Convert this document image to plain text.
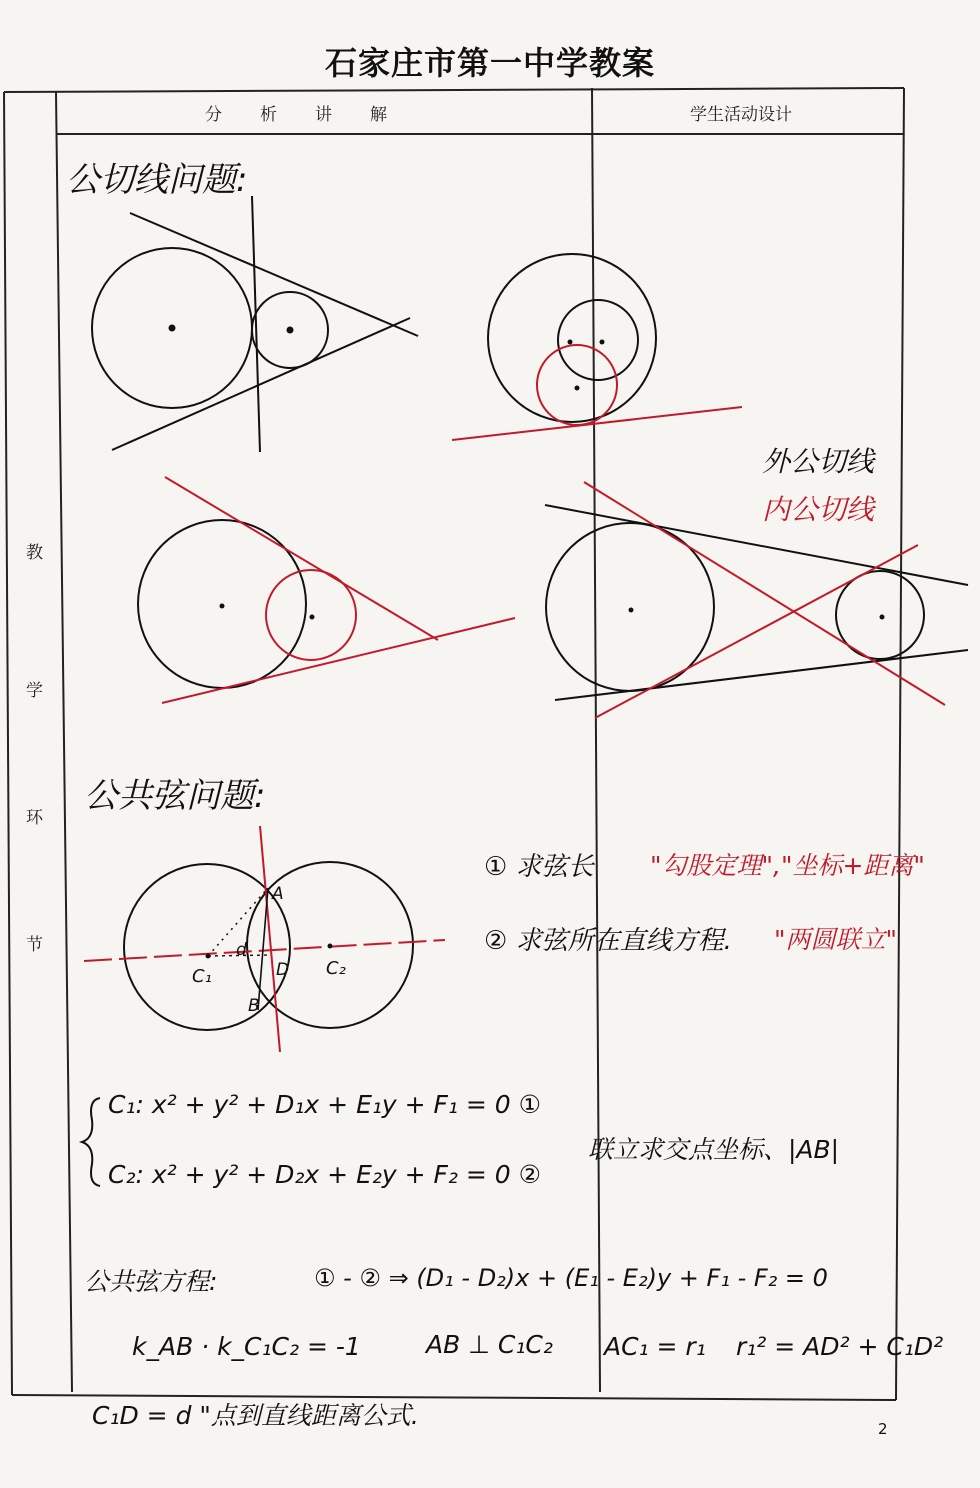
石家庄市第一中学教案
分析讲解	学生活动设计
教
学
环
节
公切线问题:
外公切线
内公切线
公共弦问题:
A
B
C₁	C₂
D
d
① 求弦长 "勾股定理","坐标+距离"
② 求弦所在直线方程. "两圆联立"
C₁: x² + y² + D₁x + E₁y + F₁ = 0 ①
C₂: x² + y² + D₂x + E₂y + F₂ = 0 ②
联立求交点坐标、|AB|
公共弦方程:	① - ② ⇒ (D₁ - D₂)x + (E₁ - E₂)y + F₁ - F₂ = 0
k_AB · k_C₁C₂ = -1	AB ⊥ C₁C₂ AC₁ = r₁ r₁² = AD² + C₁D²
C₁D = d "点到直线距离公式.	2
